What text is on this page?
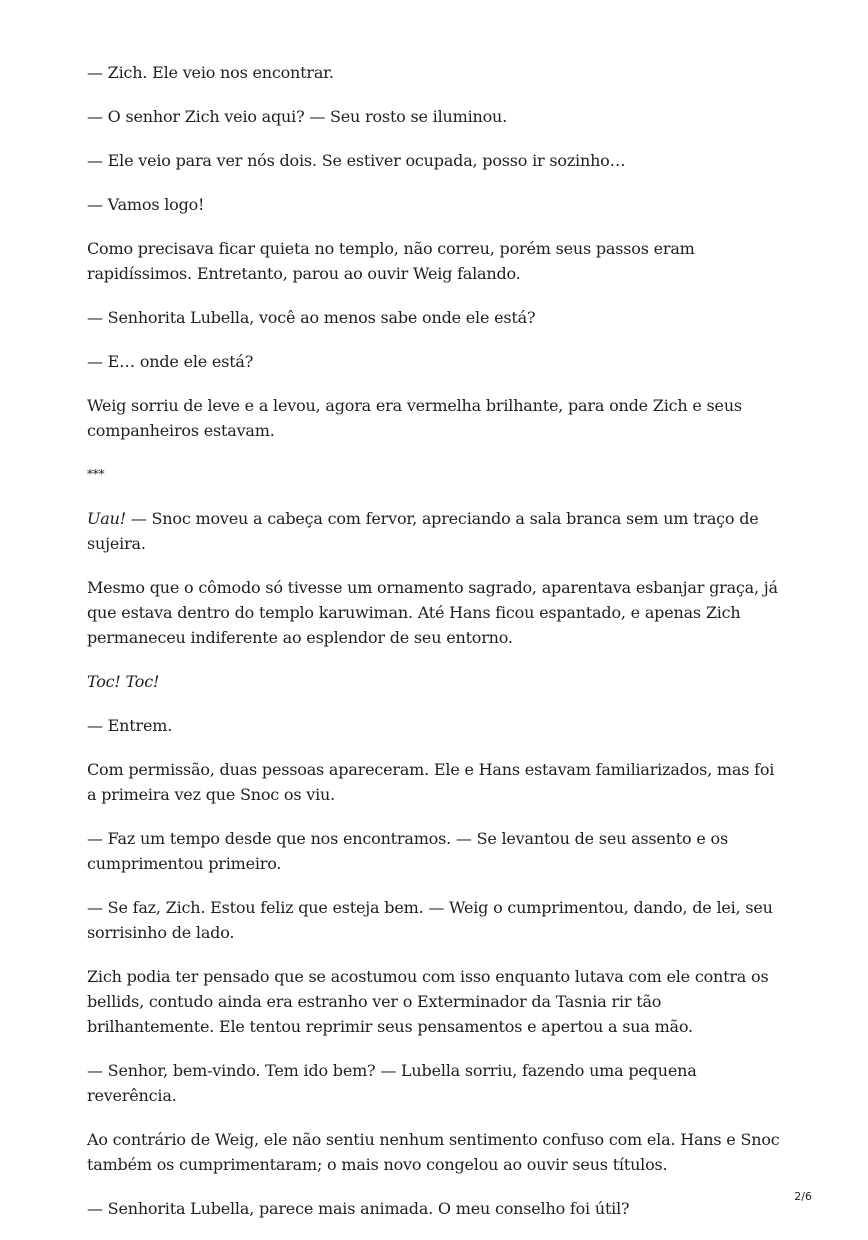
— Zich. Ele veio nos encontrar.

— O senhor Zich veio aqui? — Seu rosto se iluminou.

— Ele veio para ver nós dois. Se estiver ocupada, posso ir sozinho…

— Vamos logo!

Como precisava ficar quieta no templo, não correu, porém seus passos eram rapidíssimos. Entretanto, parou ao ouvir Weig falando.

— Senhorita Lubella, você ao menos sabe onde ele está?

— E… onde ele está?

Weig sorriu de leve e a levou, agora era vermelha brilhante, para onde Zich e seus companheiros estavam.

***

Uau! — Snoc moveu a cabeça com fervor, apreciando a sala branca sem um traço de sujeira.

Mesmo que o cômodo só tivesse um ornamento sagrado, aparentava esbanjar graça, já que estava dentro do templo karuwiman. Até Hans ficou espantado, e apenas Zich permaneceu indiferente ao esplendor de seu entorno.

Toc! Toc!

— Entrem.

Com permissão, duas pessoas apareceram. Ele e Hans estavam familiarizados, mas foi a primeira vez que Snoc os viu.

— Faz um tempo desde que nos encontramos. — Se levantou de seu assento e os cumprimentou primeiro.

— Se faz, Zich. Estou feliz que esteja bem. — Weig o cumprimentou, dando, de lei, seu sorrisinho de lado.

Zich podia ter pensado que se acostumou com isso enquanto lutava com ele contra os bellids, contudo ainda era estranho ver o Exterminador da Tasnia rir tão brilhantemente. Ele tentou reprimir seus pensamentos e apertou a sua mão.

— Senhor, bem-vindo. Tem ido bem? — Lubella sorriu, fazendo uma pequena reverência.

Ao contrário de Weig, ele não sentiu nenhum sentimento confuso com ela. Hans e Snoc também os cumprimentaram; o mais novo congelou ao ouvir seus títulos.

— Senhorita Lubella, parece mais animada. O meu conselho foi útil?

2/6
